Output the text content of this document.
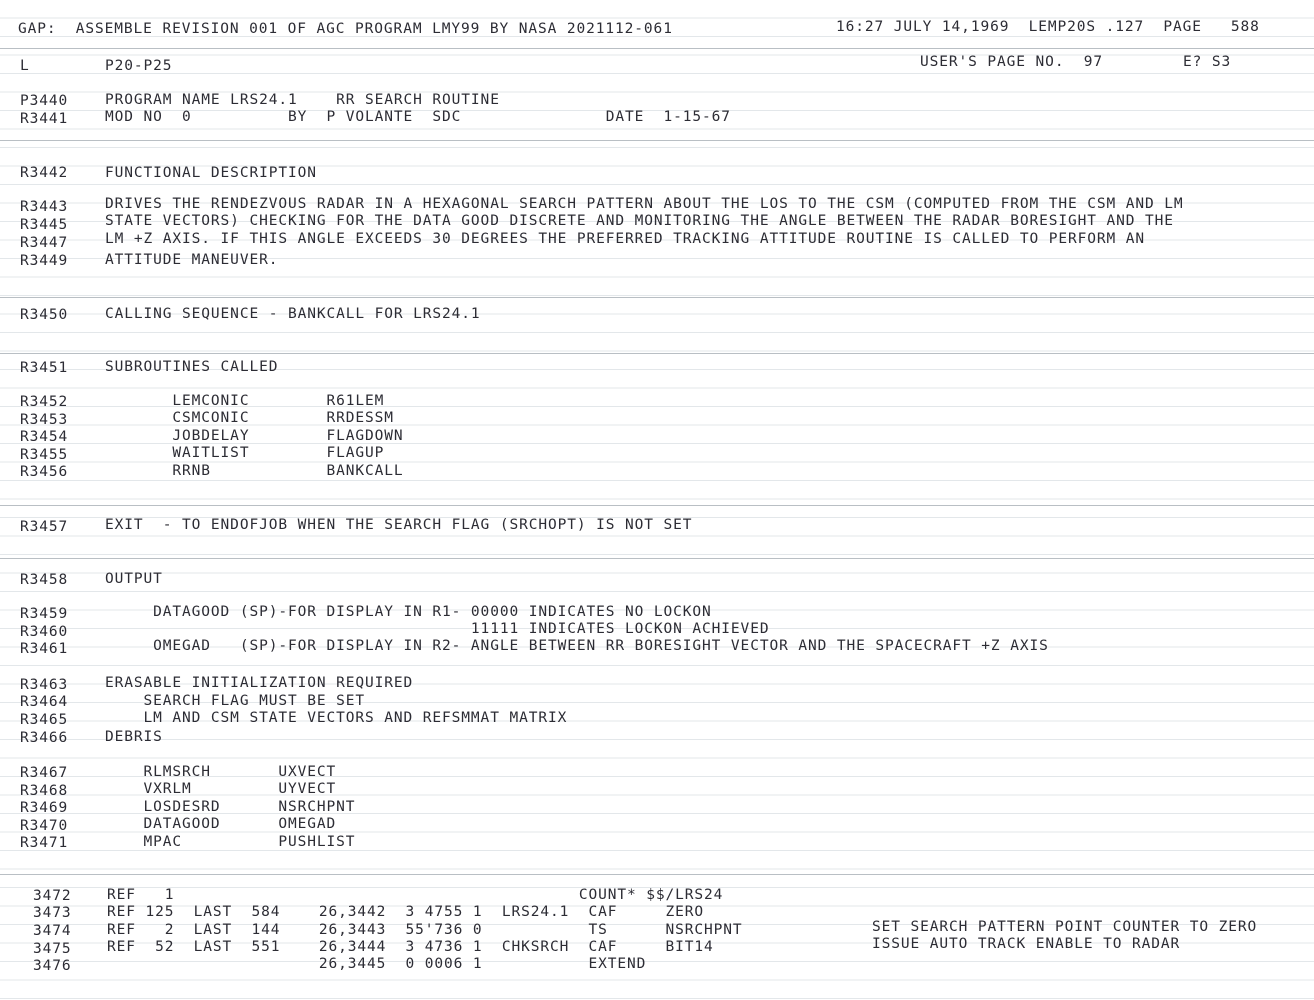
GAP:  ASSEMBLE REVISION 001 OF AGC PROGRAM LMY99 BY NASA 2021112-061	16:27 JULY 14,1969  LEMP20S .127  PAGE   588
L	P20-P25	USER'S PAGE NO.  97	E? S3
P3440	PROGRAM NAME LRS24.1    RR SEARCH ROUTINE
R3441	MOD NO  0          BY  P VOLANTE  SDC               DATE  1-15-67
R3442	FUNCTIONAL DESCRIPTION
R3443	DRIVES THE RENDEZVOUS RADAR IN A HEXAGONAL SEARCH PATTERN ABOUT THE LOS TO THE CSM (COMPUTED FROM THE CSM AND LM
R3445	STATE VECTORS) CHECKING FOR THE DATA GOOD DISCRETE AND MONITORING THE ANGLE BETWEEN THE RADAR BORESIGHT AND THE
R3447	LM +Z AXIS. IF THIS ANGLE EXCEEDS 30 DEGREES THE PREFERRED TRACKING ATTITUDE ROUTINE IS CALLED TO PERFORM AN
R3449	ATTITUDE MANEUVER.
R3450	CALLING SEQUENCE - BANKCALL FOR LRS24.1
R3451	SUBROUTINES CALLED
R3452	LEMCONIC        R61LEM
R3453	CSMCONIC        RRDESSM
R3454	JOBDELAY        FLAGDOWN
R3455	WAITLIST        FLAGUP
R3456	RRNB            BANKCALL
R3457	EXIT  - TO ENDOFJOB WHEN THE SEARCH FLAG (SRCHOPT) IS NOT SET
R3458	OUTPUT
R3459	DATAGOOD (SP)-FOR DISPLAY IN R1- 00000 INDICATES NO LOCKON
R3460	11111 INDICATES LOCKON ACHIEVED
R3461	OMEGAD   (SP)-FOR DISPLAY IN R2- ANGLE BETWEEN RR BORESIGHT VECTOR AND THE SPACECRAFT +Z AXIS
R3463	ERASABLE INITIALIZATION REQUIRED
R3464	SEARCH FLAG MUST BE SET
R3465	LM AND CSM STATE VECTORS AND REFSMMAT MATRIX
R3466	DEBRIS
R3467	RLMSRCH       UXVECT
R3468	VXRLM         UYVECT
R3469	LOSDESRD      NSRCHPNT
R3470	DATAGOOD      OMEGAD
R3471	MPAC          PUSHLIST
3472 REF   1                                          COUNT* $$/LRS24
3473 REF 125  LAST  584    26,3442  3 4755 1  LRS24.1  CAF     ZERO
3474 REF   2  LAST  144    26,3443  55'736 0           TS      NSRCHPNT	SET SEARCH PATTERN POINT COUNTER TO ZERO
3475 REF  52  LAST  551    26,3444  3 4736 1  CHKSRCH  CAF     BIT14	ISSUE AUTO TRACK ENABLE TO RADAR
3476 26,3445  0 0006 1           EXTEND
